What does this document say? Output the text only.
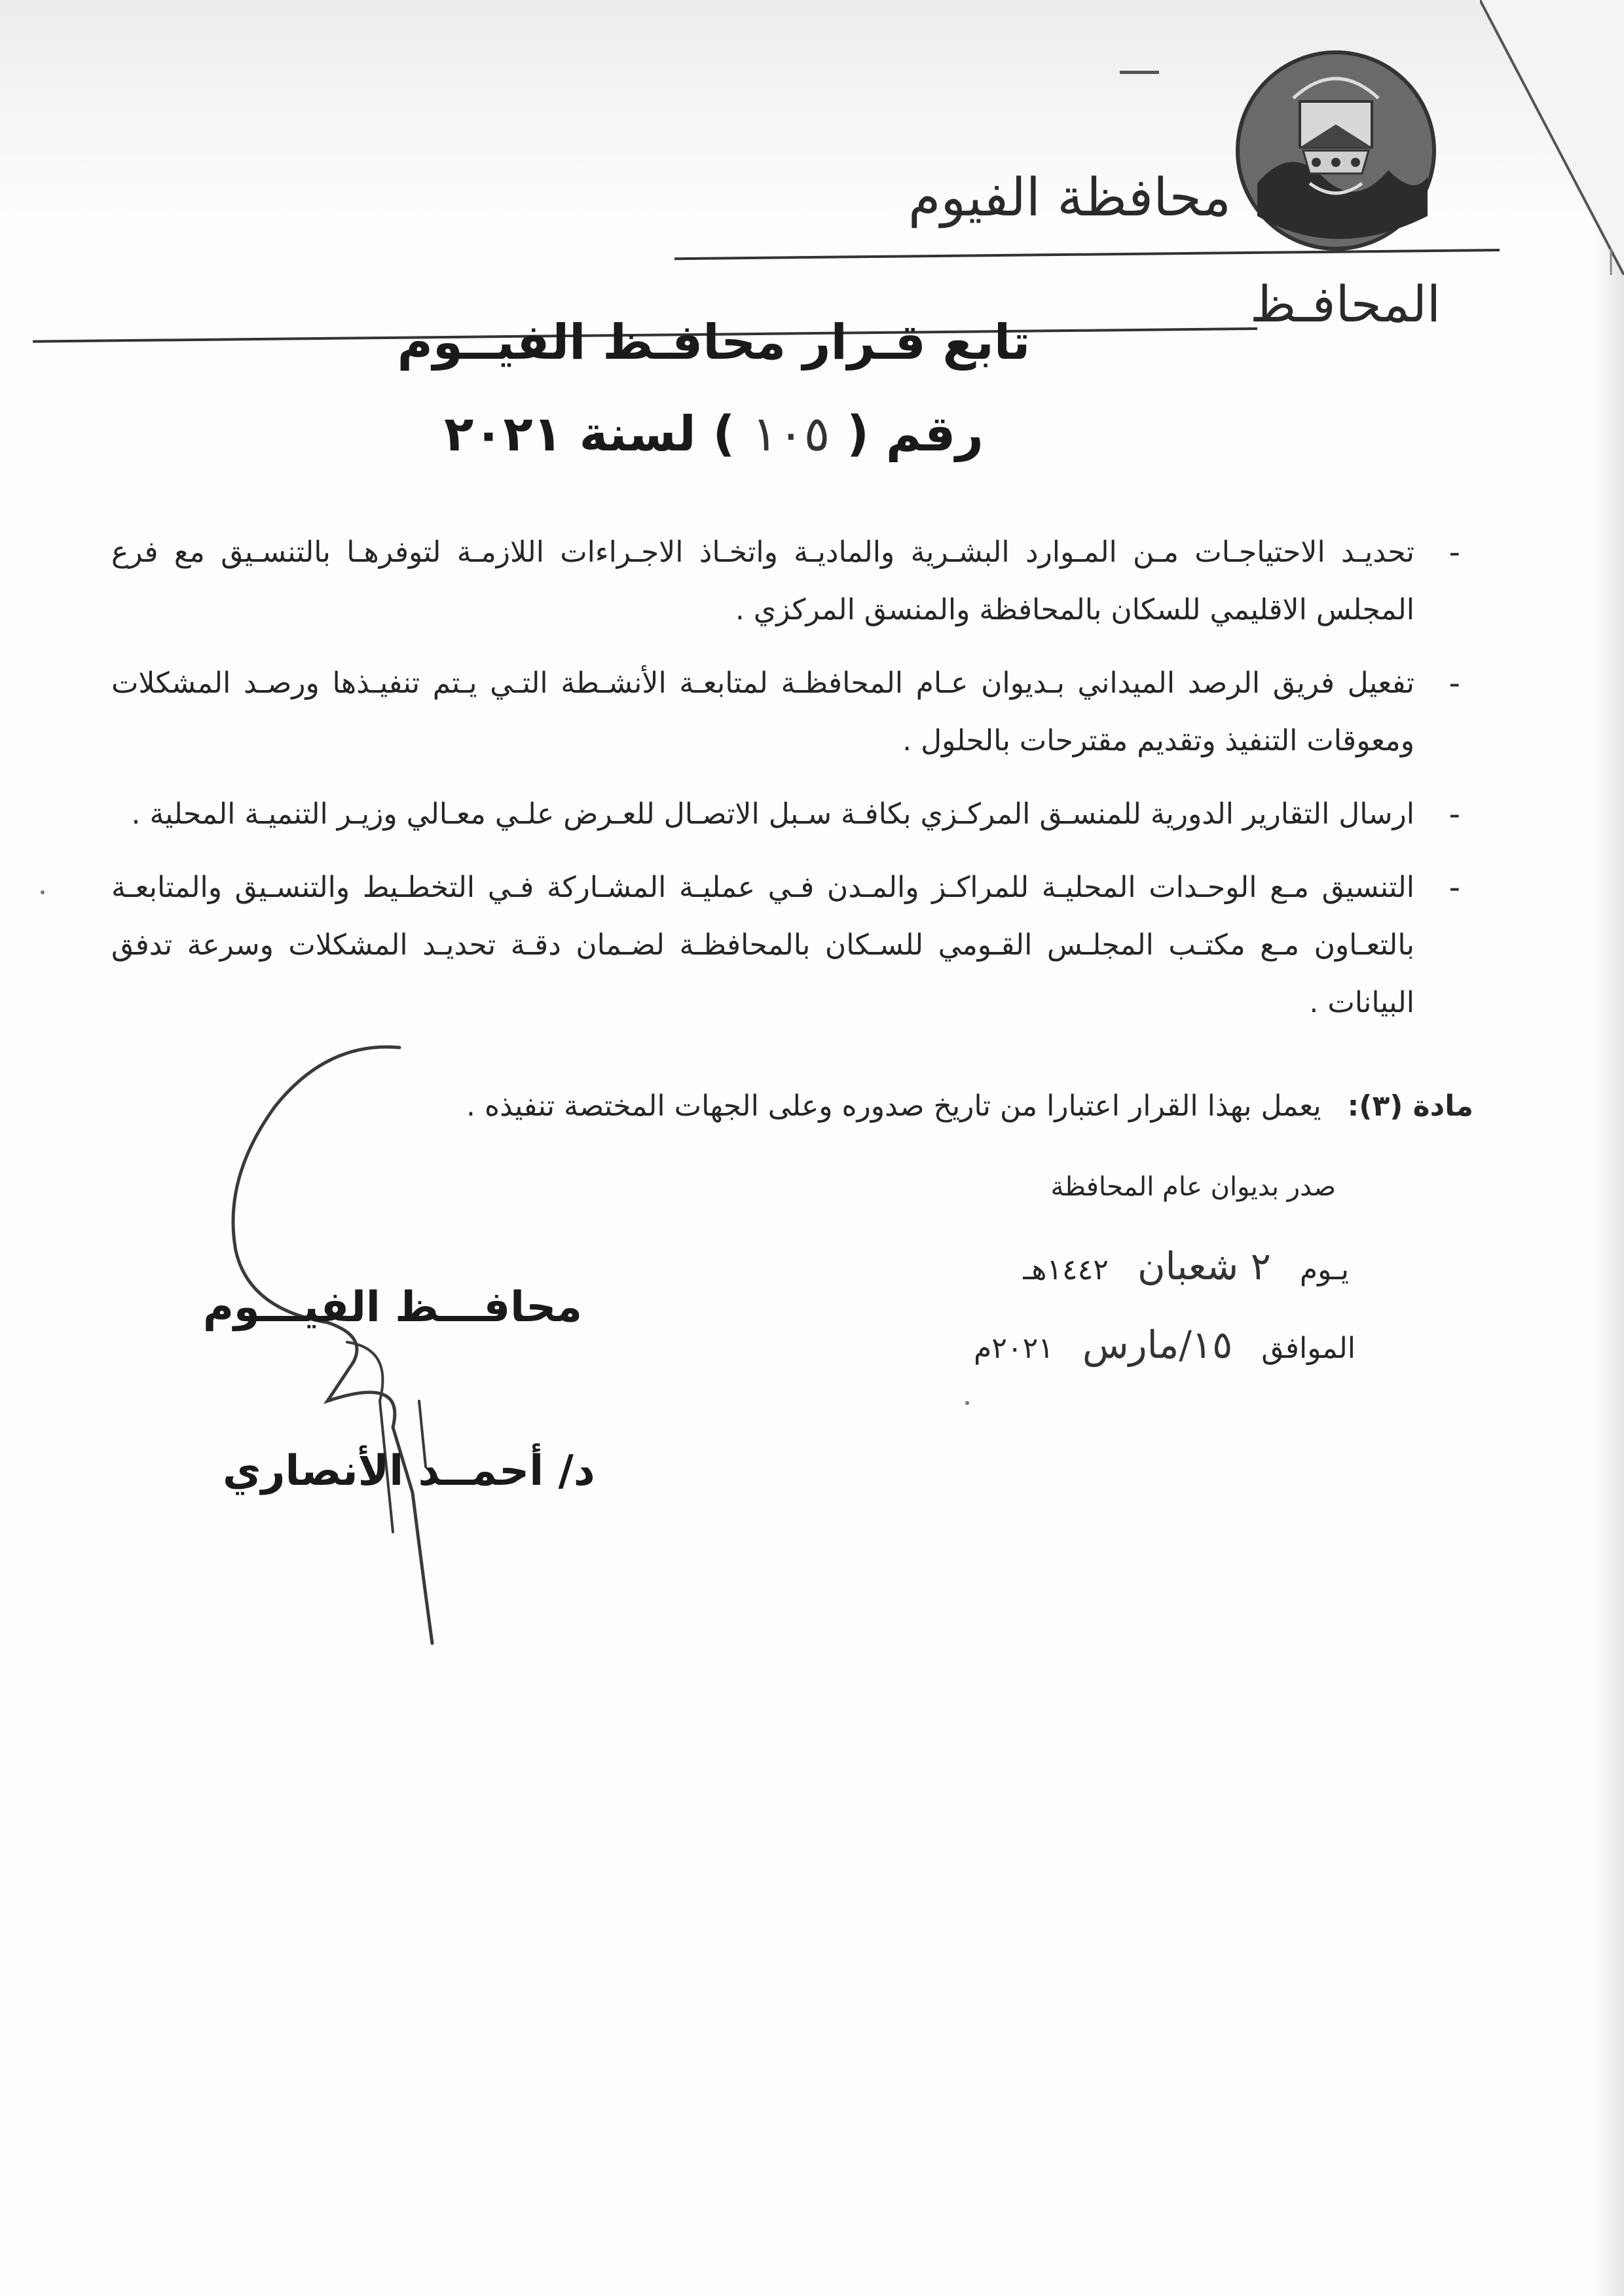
محافظة الفيوم
المحافـظ
تابع قـرار محافـظ الفيــوم
رقم ( ١٠٥ ) لسنة ٢٠٢١
- تحديـد الاحتياجـات مـن المـوارد البشـرية والماديـة واتخـاذ الاجـراءات اللازمـة لتوفرهـا بالتنسـيق مع فرع المجلس الاقليمي للسكان بالمحافظة والمنسق المركزي .
- تفعيل فريق الرصد الميداني بـديوان عـام المحافظـة لمتابعـة الأنشـطة التـي يـتم تنفيـذها ورصـد المشكلات ومعوقات التنفيذ وتقديم مقترحات بالحلول .
- ارسال التقارير الدورية للمنسـق المركـزي بكافـة سـبل الاتصـال للعـرض علـي معـالي وزيـر التنميـة المحلية .
- التنسيق مـع الوحـدات المحليـة للمراكـز والمـدن فـي عمليـة المشـاركة فـي التخطـيط والتنسـيق والمتابعـة بالتعـاون مـع مكتـب المجلـس القـومي للسـكان بالمحافظـة لضـمان دقـة تحديـد المشكلات وسرعة تدفق البيانات .
مادة (٣): يعمل بهذا القرار اعتبارا من تاريخ صدوره وعلى الجهات المختصة تنفيذه .
صدر بديوان عام المحافظة
يـوم ٢ شعبان ١٤٤٢هـ
الموافق ١٥/مارس ٢٠٢١م
محافـــظ الفيـــوم
د/ أحمــد الأنصاري
